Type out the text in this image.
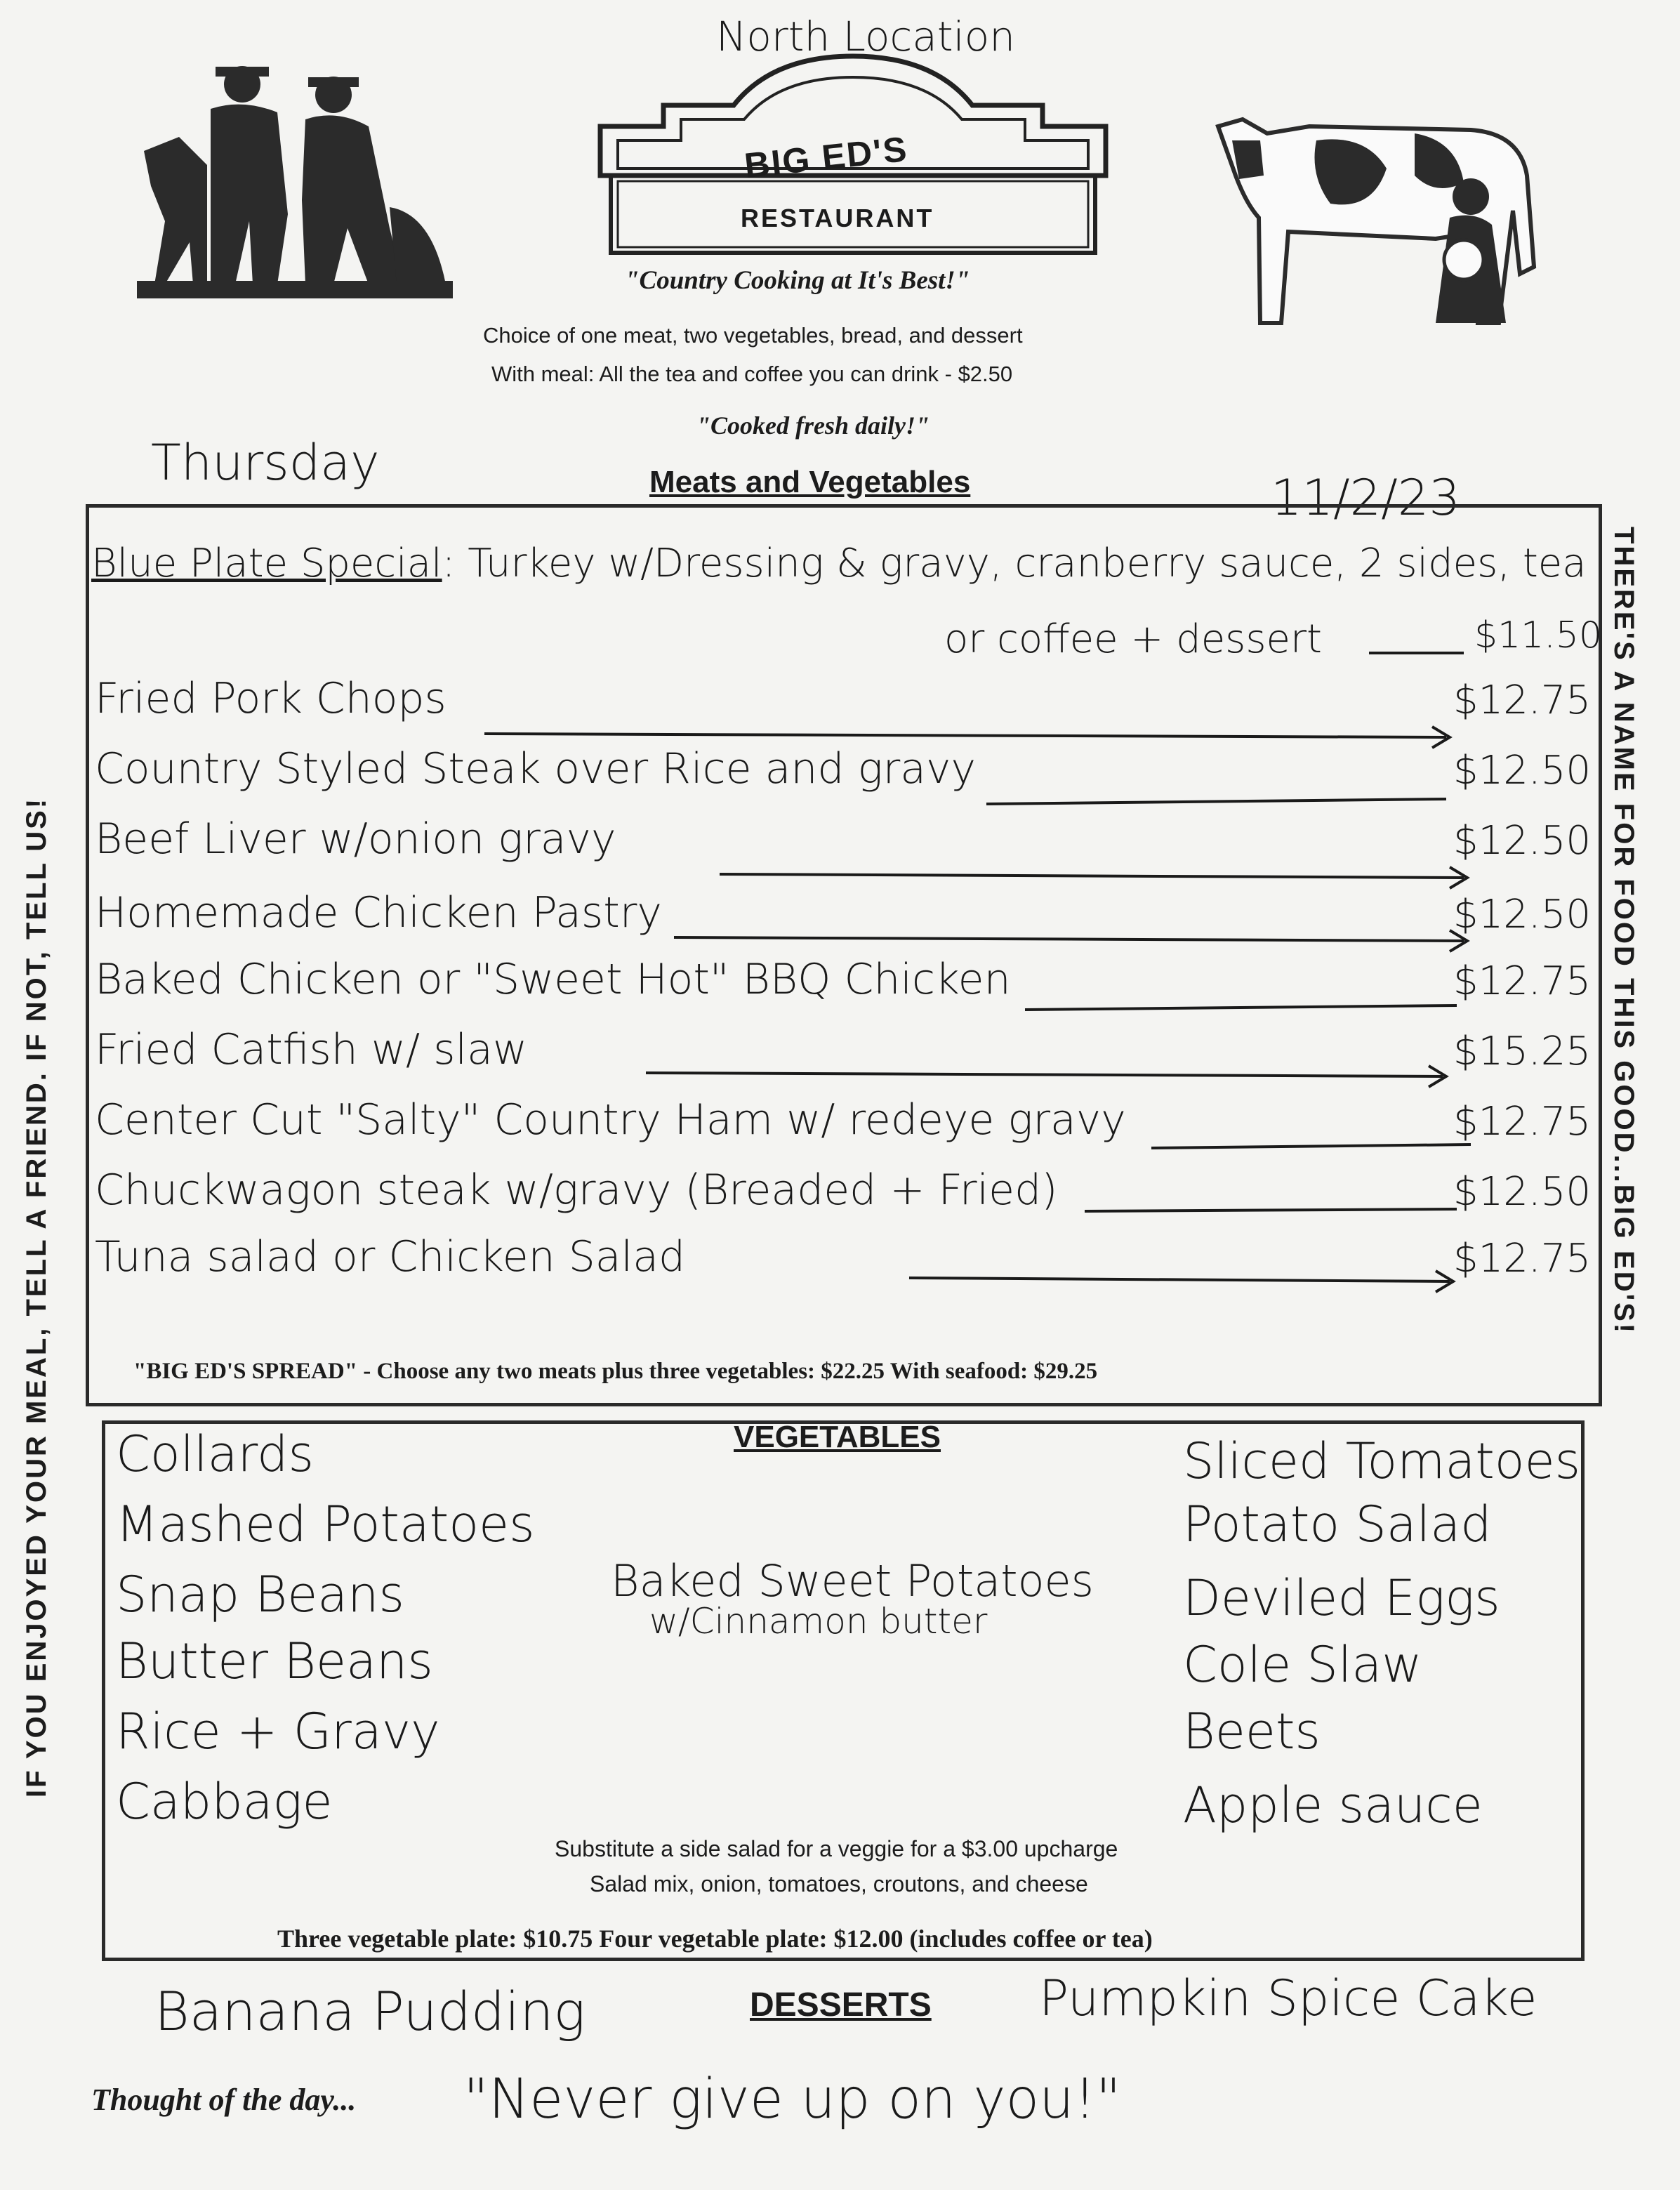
North Location
BIG ED'S
RESTAURANT
"Country Cooking at It's Best!"
Choice of one meat, two vegetables, bread, and dessert
With meal: All the tea and coffee you can drink - $2.50
"Cooked fresh daily!"
Thursday	Meats and Vegetables	11/2/23
Blue Plate Special: Turkey w/Dressing & gravy, cranberry sauce, 2 sides, tea
or coffee + dessert	$11.50
Fried Pork Chops	$12.75
Country Styled Steak over Rice and gravy	$12.50
Beef Liver w/onion gravy	$12.50
Homemade Chicken Pastry	$12.50
Baked Chicken or "Sweet Hot" BBQ Chicken	$12.75
Fried Catfish w/ slaw	$15.25
Center Cut "Salty" Country Ham w/ redeye gravy	$12.75
Chuckwagon steak w/gravy (Breaded + Fried)	$12.50
Tuna salad or Chicken Salad	$12.75
"BIG ED'S SPREAD" - Choose any two meats plus three vegetables: $22.25 With seafood: $29.25
VEGETABLES
Collards
Mashed Potatoes
Snap Beans
Butter Beans
Rice + Gravy
Cabbage
Baked Sweet Potatoes
w/Cinnamon butter
Sliced Tomatoes
Potato Salad
Deviled Eggs
Cole Slaw
Beets
Apple sauce
Substitute a side salad for a veggie for a $3.00 upcharge
Salad mix, onion, tomatoes, croutons, and cheese
Three vegetable plate: $10.75 Four vegetable plate: $12.00 (includes coffee or tea)
Banana Pudding	DESSERTS Pumpkin Spice Cake
Thought of the day... "Never give up on you!"
IF YOU ENJOYED YOUR MEAL, TELL A FRIEND. IF NOT, TELL US!	THERE'S A NAME FOR FOOD THIS GOOD...BIG ED'S!
